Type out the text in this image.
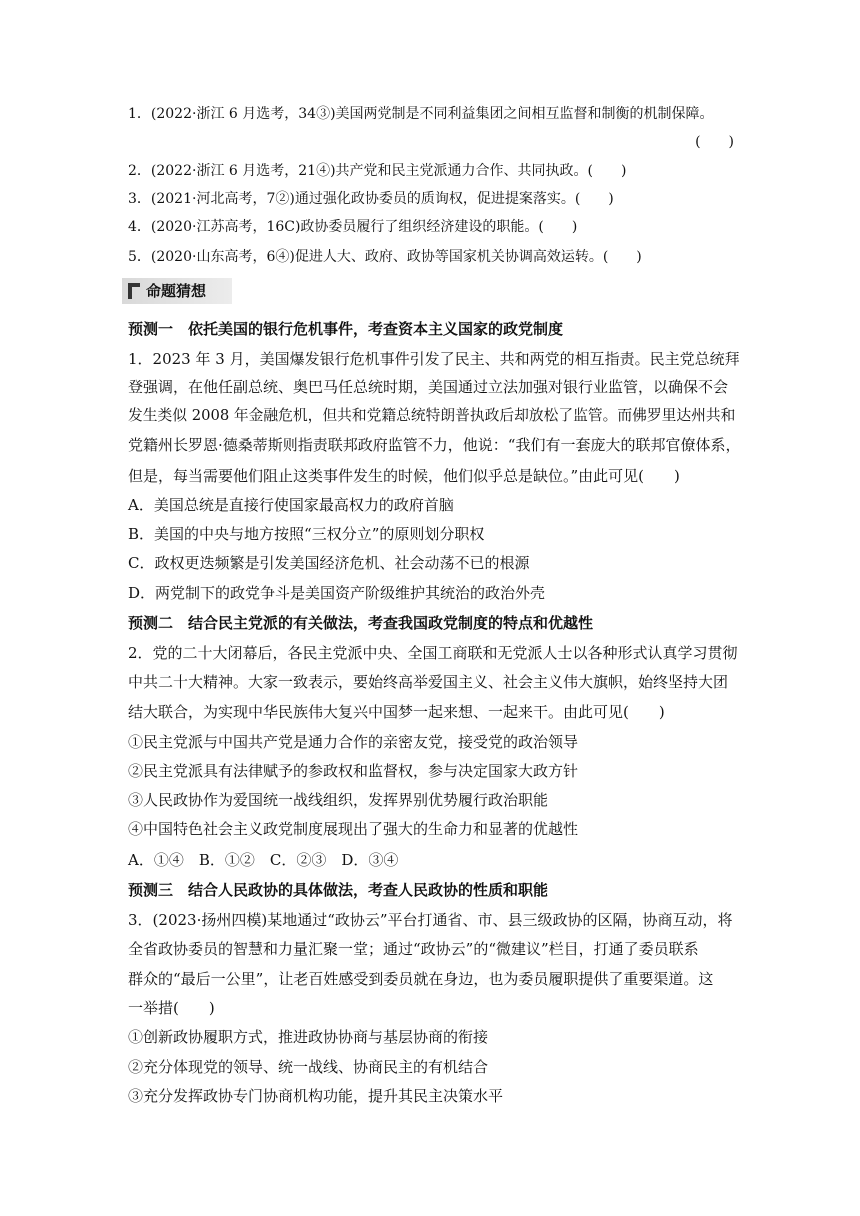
1．(2022·浙江 6 月选考，34③)美国两党制是不同利益集团之间相互监督和制衡的机制保障。
(　　)
2．(2022·浙江 6 月选考，21④)共产党和民主党派通力合作、共同执政。(　　)
3．(2021·河北高考，7②)通过强化政协委员的质询权，促进提案落实。(　　)
4．(2020·江苏高考，16C)政协委员履行了组织经济建设的职能。(　　)
5．(2020·山东高考，6④)促进人大、政府、政协等国家机关协调高效运转。(　　)
命题猜想
预测一　依托美国的银行危机事件，考查资本主义国家的政党制度
1．2023 年 3 月，美国爆发银行危机事件引发了民主、共和两党的相互指责。民主党总统拜
登强调，在他任副总统、奥巴马任总统时期，美国通过立法加强对银行业监管，以确保不会
发生类似 2008 年金融危机，但共和党籍总统特朗普执政后却放松了监管。而佛罗里达州共和
党籍州长罗恩·德桑蒂斯则指责联邦政府监管不力，他说：“我们有一套庞大的联邦官僚体系，
但是，每当需要他们阻止这类事件发生的时候，他们似乎总是缺位。”由此可见(　　)
A．美国总统是直接行使国家最高权力的政府首脑
B．美国的中央与地方按照“三权分立”的原则划分职权
C．政权更迭频繁是引发美国经济危机、社会动荡不已的根源
D．两党制下的政党争斗是美国资产阶级维护其统治的政治外壳
预测二　结合民主党派的有关做法，考查我国政党制度的特点和优越性
2．党的二十大闭幕后，各民主党派中央、全国工商联和无党派人士以各种形式认真学习贯彻
中共二十大精神。大家一致表示，要始终高举爱国主义、社会主义伟大旗帜，始终坚持大团
结大联合，为实现中华民族伟大复兴中国梦一起来想、一起来干。由此可见(　　)
①民主党派与中国共产党是通力合作的亲密友党，接受党的政治领导
②民主党派具有法律赋予的参政权和监督权，参与决定国家大政方针
③人民政协作为爱国统一战线组织，发挥界别优势履行政治职能
④中国特色社会主义政党制度展现出了强大的生命力和显著的优越性
A．①④　B．①②　C．②③　D．③④
预测三　结合人民政协的具体做法，考查人民政协的性质和职能
3．(2023·扬州四模)某地通过“政协云”平台打通省、市、县三级政协的区隔，协商互动，将
全省政协委员的智慧和力量汇聚一堂；通过“政协云”的“微建议”栏目，打通了委员联系
群众的“最后一公里”，让老百姓感受到委员就在身边，也为委员履职提供了重要渠道。这
一举措(　　)
①创新政协履职方式，推进政协协商与基层协商的衔接
②充分体现党的领导、统一战线、协商民主的有机结合
③充分发挥政协专门协商机构功能，提升其民主决策水平
